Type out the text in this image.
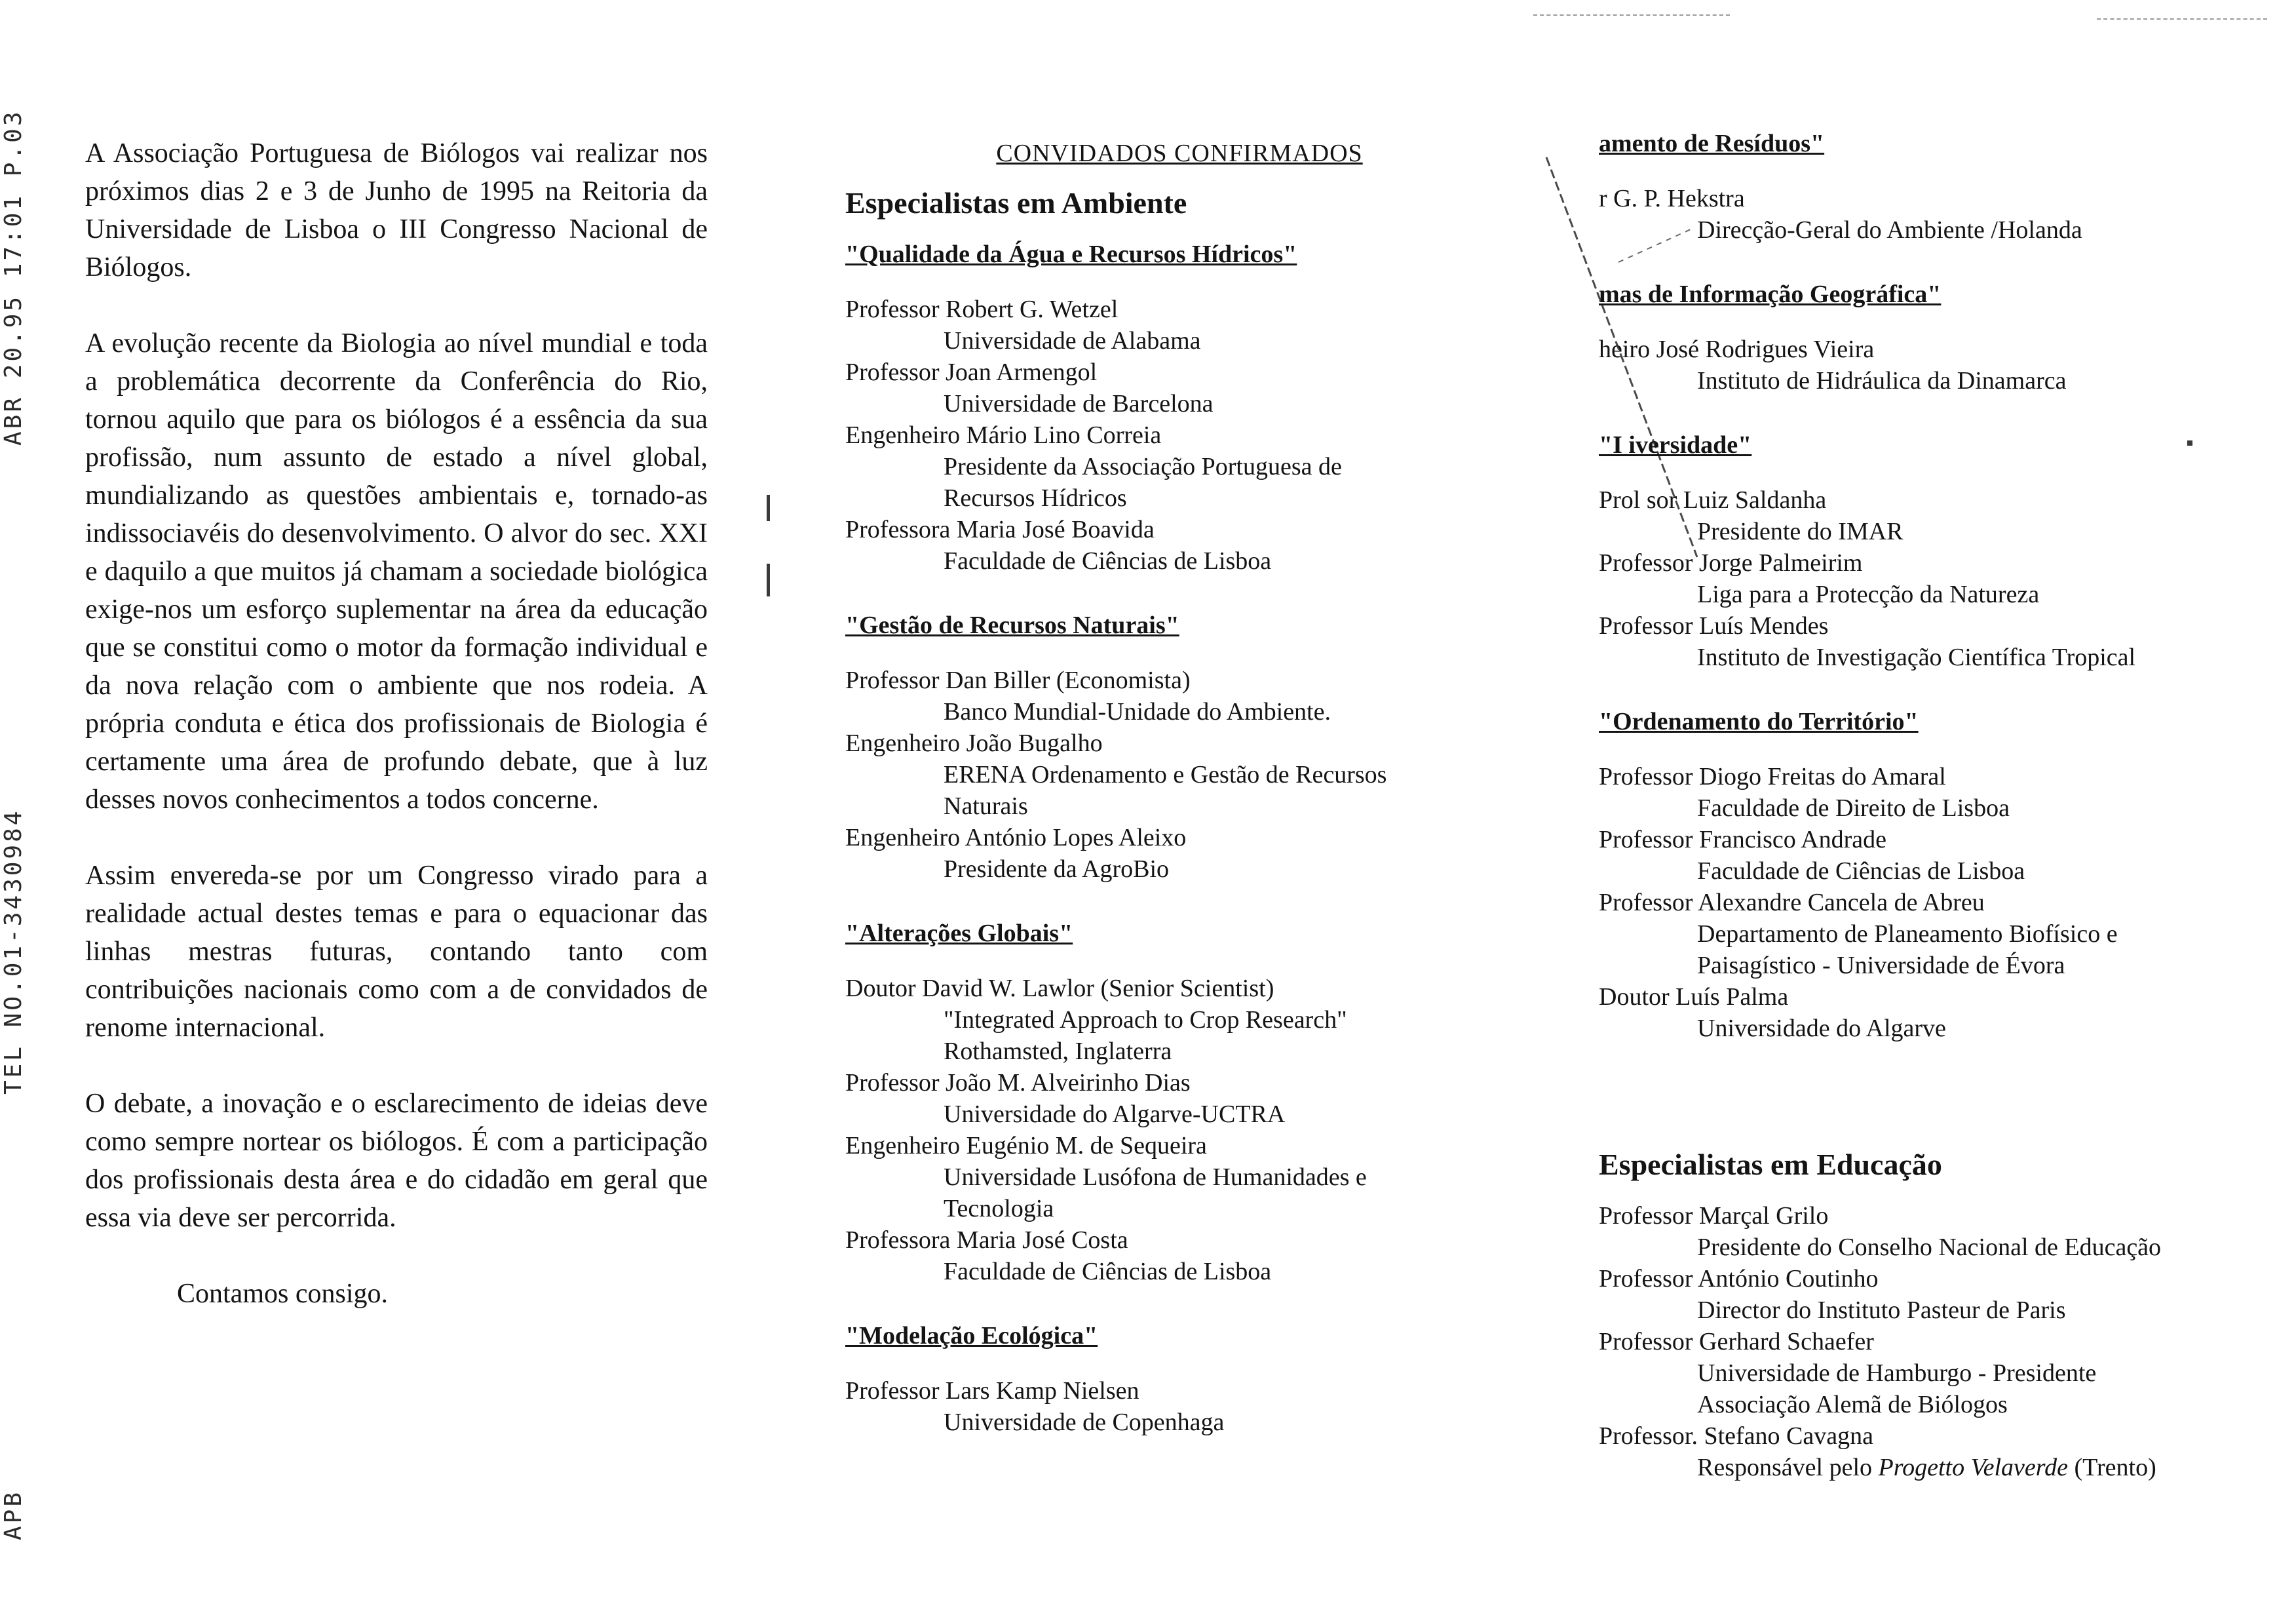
ABR 20.95 17:01 P.03
TEL NO.01-3430984
APB

A Associação Portuguesa de Biólogos vai realizar nos próximos dias 2 e 3 de Junho de 1995 na Reitoria da Universidade de Lisboa o III Congresso Nacional de Biólogos.

A evolução recente da Biologia ao nível mundial e toda a problemática decorrente da Conferência do Rio, tornou aquilo que para os biólogos é a essência da sua profissão, num assunto de estado a nível global, mundializando as questões ambientais e, tornado-as indissociavéis do desenvolvimento. O alvor do sec. XXI e daquilo a que muitos já chamam a sociedade biológica exige-nos um esforço suplementar na área da educação que se constitui como o motor da formação individual e da nova relação com o ambiente que nos rodeia. A própria conduta e ética dos profissionais de Biologia é certamente uma área de profundo debate, que à luz desses novos conhecimentos a todos concerne.

Assim envereda-se por um Congresso virado para a realidade actual destes temas e para o equacionar das linhas mestras futuras, contando tanto com contribuições nacionais como com a de convidados de renome internacional.

O debate, a inovação e o esclarecimento de ideias deve como sempre nortear os biólogos. É com a participação dos profissionais desta área e do cidadão em geral que essa via deve ser percorrida.

Contamos consigo.

CONVIDADOS CONFIRMADOS
Especialistas em Ambiente
"Qualidade da Água e Recursos Hídricos"
Professor Robert G. Wetzel
Universidade de Alabama
Professor Joan Armengol
Universidade de Barcelona
Engenheiro Mário Lino Correia
Presidente da Associação Portuguesa de
Recursos Hídricos
Professora Maria José Boavida
Faculdade de Ciências de Lisboa
"Gestão de Recursos Naturais"
Professor Dan Biller (Economista)
Banco Mundial-Unidade do Ambiente.
Engenheiro João Bugalho
ERENA Ordenamento e Gestão de Recursos
Naturais
Engenheiro António Lopes Aleixo
Presidente da AgroBio
"Alterações Globais"
Doutor David W. Lawlor (Senior Scientist)
"Integrated Approach to Crop Research"
Rothamsted, Inglaterra
Professor João M. Alveirinho Dias
Universidade do Algarve-UCTRA
Engenheiro Eugénio M. de Sequeira
Universidade Lusófona de Humanidades e
Tecnologia
Professora Maria José Costa
Faculdade de Ciências de Lisboa
"Modelação Ecológica"
Professor Lars Kamp Nielsen
Universidade de Copenhaga
amento de Resíduos"
r G. P. Hekstra
Direcção-Geral do Ambiente /Holanda
mas de Informação Geográfica"
heiro José Rodrigues Vieira
Instituto de Hidráulica da Dinamarca
"I iversidade"
Prol sor Luiz Saldanha
Presidente do IMAR
Professor Jorge Palmeirim
Liga para a Protecção da Natureza
Professor Luís Mendes
Instituto de Investigação Científica Tropical
"Ordenamento do Território"
Professor Diogo Freitas do Amaral
Faculdade de Direito de Lisboa
Professor Francisco Andrade
Faculdade de Ciências de Lisboa
Professor Alexandre Cancela de Abreu
Departamento de Planeamento Biofísico e
Paisagístico - Universidade de Évora
Doutor Luís Palma
Universidade do Algarve
Especialistas em Educação
Professor Marçal Grilo
Presidente do Conselho Nacional de Educação
Professor António Coutinho
Director do Instituto Pasteur de Paris
Professor Gerhard Schaefer
Universidade de Hamburgo - Presidente
Associação Alemã de Biólogos
Professor. Stefano Cavagna
Responsável pelo Progetto Velaverde (Trento)
